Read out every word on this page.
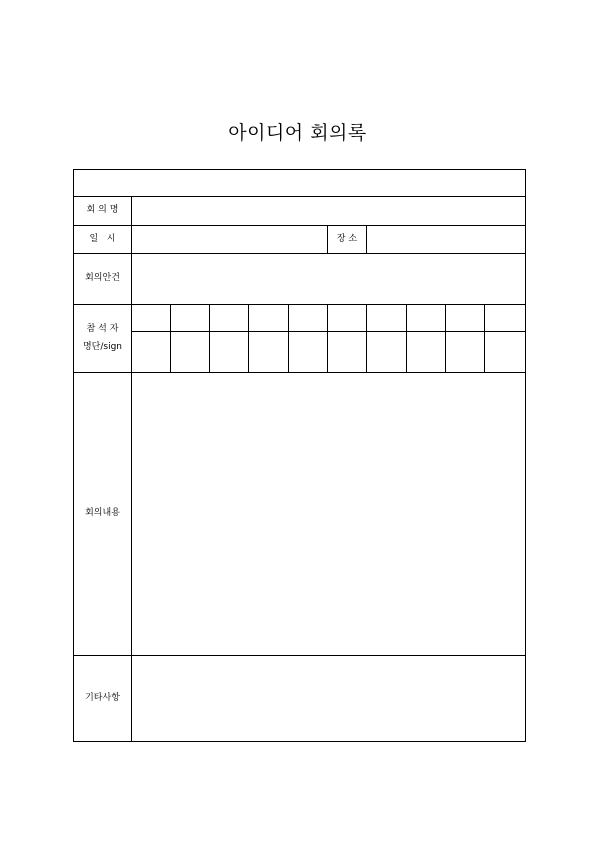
아이디어 회의록

회 의 명										
일   시						장 소				
회의안건										

참 석 자
명단/sign										

회의내용										
기타사항										
